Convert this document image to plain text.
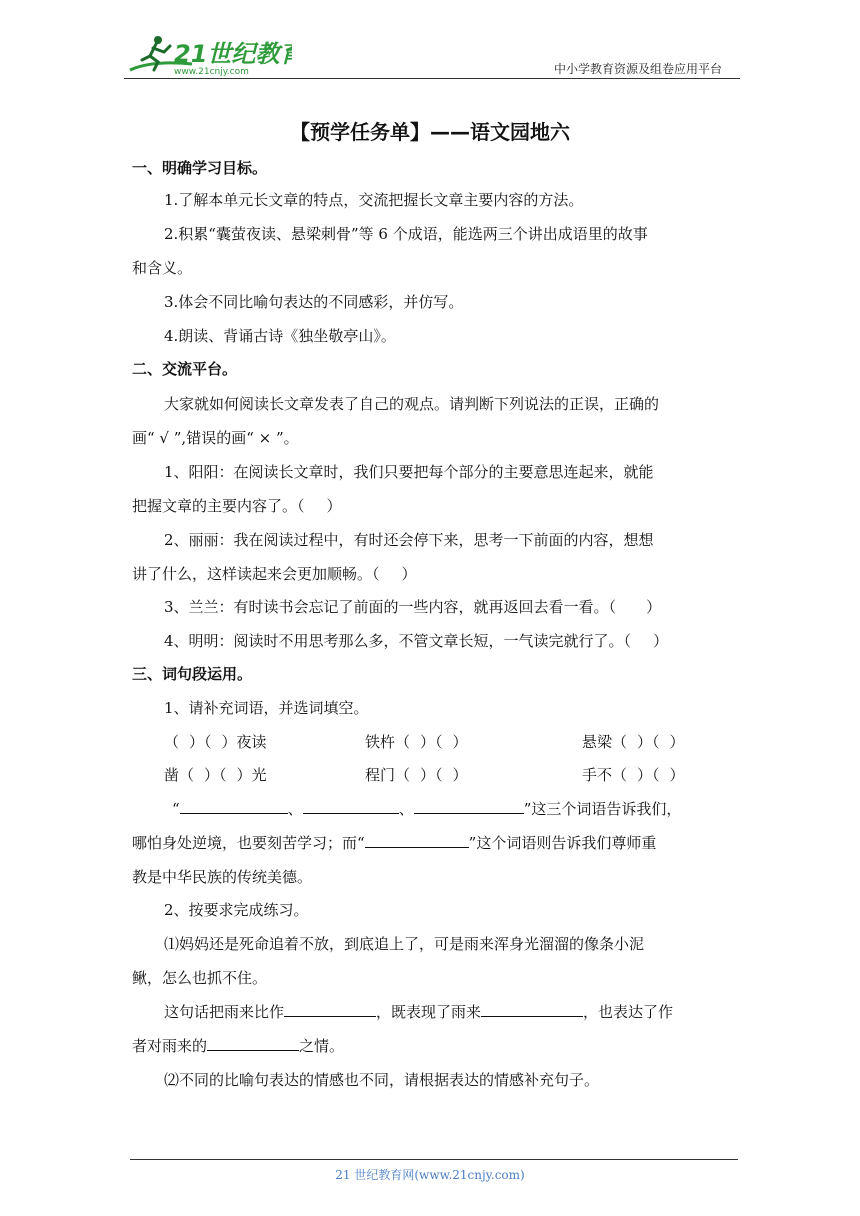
21世纪教育
www.21cnjy.com	中小学教育资源及组卷应用平台
【预学任务单】——语文园地六
一、明确学习目标。
1.了解本单元长文章的特点，交流把握长文章主要内容的方法。
2.积累“囊萤夜读、悬梁刺骨”等 6 个成语，能选两三个讲出成语里的故事
和含义。
3.体会不同比喻句表达的不同感彩，并仿写。
4.朗读、背诵古诗《独坐敬亭山》。
二、交流平台。
大家就如何阅读长文章发表了自己的观点。请判断下列说法的正误，正确的
画“ √ ”,错误的画“ × ”。
1、阳阳：在阅读长文章时，我们只要把每个部分的主要意思连起来，就能
把握文章的主要内容了。（ ）
2、丽丽：我在阅读过程中，有时还会停下来，思考一下前面的内容，想想
讲了什么，这样读起来会更加顺畅。（ ）
3、兰兰：有时读书会忘记了前面的一些内容，就再返回去看一看。（ ）
4、明明：阅读时不用思考那么多，不管文章长短，一气读完就行了。（ ）
三、词句段运用。
1、请补充词语，并选词填空。
（ ）（ ）夜读	铁杵（ ）（ ）	悬梁（ ）（ ）
凿（ ）（ ）光	程门（ ）（ ）	手不（ ）（ ）
“	、	、	”这三个词语告诉我们，
哪怕身处逆境，也要刻苦学习；而“	”这个词语则告诉我们尊师重
教是中华民族的传统美德。
2、按要求完成练习。
⑴妈妈还是死命追着不放，到底追上了，可是雨来浑身光溜溜的像条小泥
鳅，怎么也抓不住。
这句话把雨来比作	，既表现了雨来	，也表达了作
者对雨来的	之情。
⑵不同的比喻句表达的情感也不同，请根据表达的情感补充句子。
21 世纪教育网(www.21cnjy.com)
